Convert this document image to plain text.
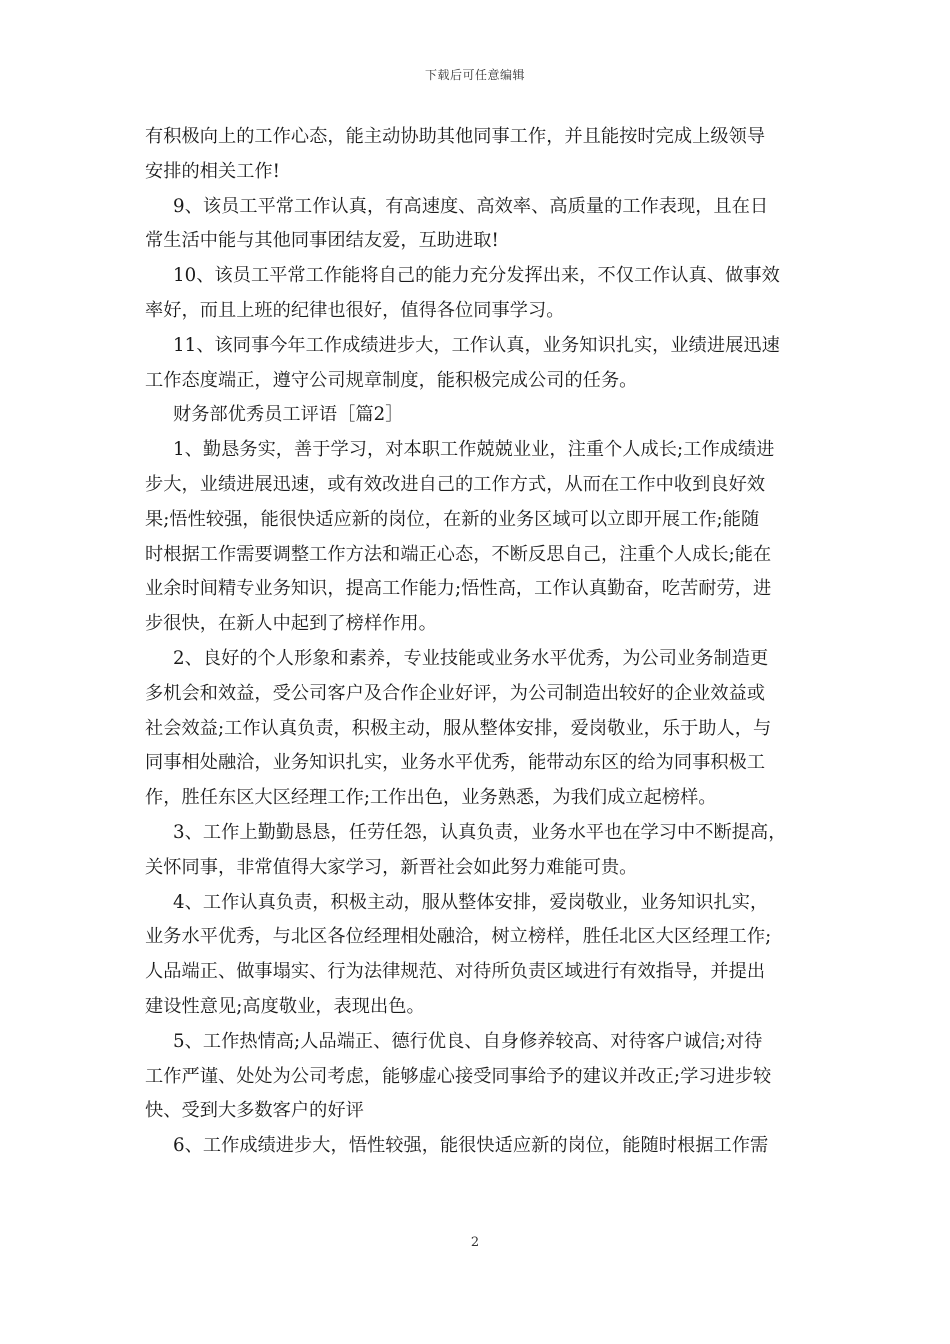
下载后可任意编辑
有积极向上的工作心态，能主动协助其他同事工作，并且能按时完成上级领导
安排的相关工作!
9、该员工平常工作认真，有高速度、高效率、高质量的工作表现，且在日
常生活中能与其他同事团结友爱，互助进取!
10、该员工平常工作能将自己的能力充分发挥出来，不仅工作认真、做事效
率好，而且上班的纪律也很好，值得各位同事学习。
11、该同事今年工作成绩进步大，工作认真，业务知识扎实，业绩进展迅速
工作态度端正，遵守公司规章制度，能积极完成公司的任务。
财务部优秀员工评语［篇2］
1、勤恳务实，善于学习，对本职工作兢兢业业，注重个人成长;工作成绩进
步大，业绩进展迅速，或有效改进自己的工作方式，从而在工作中收到良好效
果;悟性较强，能很快适应新的岗位，在新的业务区域可以立即开展工作;能随
时根据工作需要调整工作方法和端正心态，不断反思自己，注重个人成长;能在
业余时间精专业务知识，提高工作能力;悟性高，工作认真勤奋，吃苦耐劳，进
步很快，在新人中起到了榜样作用。
2、良好的个人形象和素养，专业技能或业务水平优秀，为公司业务制造更
多机会和效益，受公司客户及合作企业好评，为公司制造出较好的企业效益或
社会效益;工作认真负责，积极主动，服从整体安排，爱岗敬业，乐于助人，与
同事相处融洽，业务知识扎实，业务水平优秀，能带动东区的给为同事积极工
作，胜任东区大区经理工作;工作出色，业务熟悉，为我们成立起榜样。
3、工作上勤勤恳恳，任劳任怨，认真负责，业务水平也在学习中不断提高，
关怀同事，非常值得大家学习，新晋社会如此努力难能可贵。
4、工作认真负责，积极主动，服从整体安排，爱岗敬业，业务知识扎实，
业务水平优秀，与北区各位经理相处融洽，树立榜样，胜任北区大区经理工作;
人品端正、做事塌实、行为法律规范、对待所负责区域进行有效指导，并提出
建设性意见;高度敬业，表现出色。
5、工作热情高;人品端正、德行优良、自身修养较高、对待客户诚信;对待
工作严谨、处处为公司考虑，能够虚心接受同事给予的建议并改正;学习进步较
快、受到大多数客户的好评
6、工作成绩进步大，悟性较强，能很快适应新的岗位，能随时根据工作需
2
